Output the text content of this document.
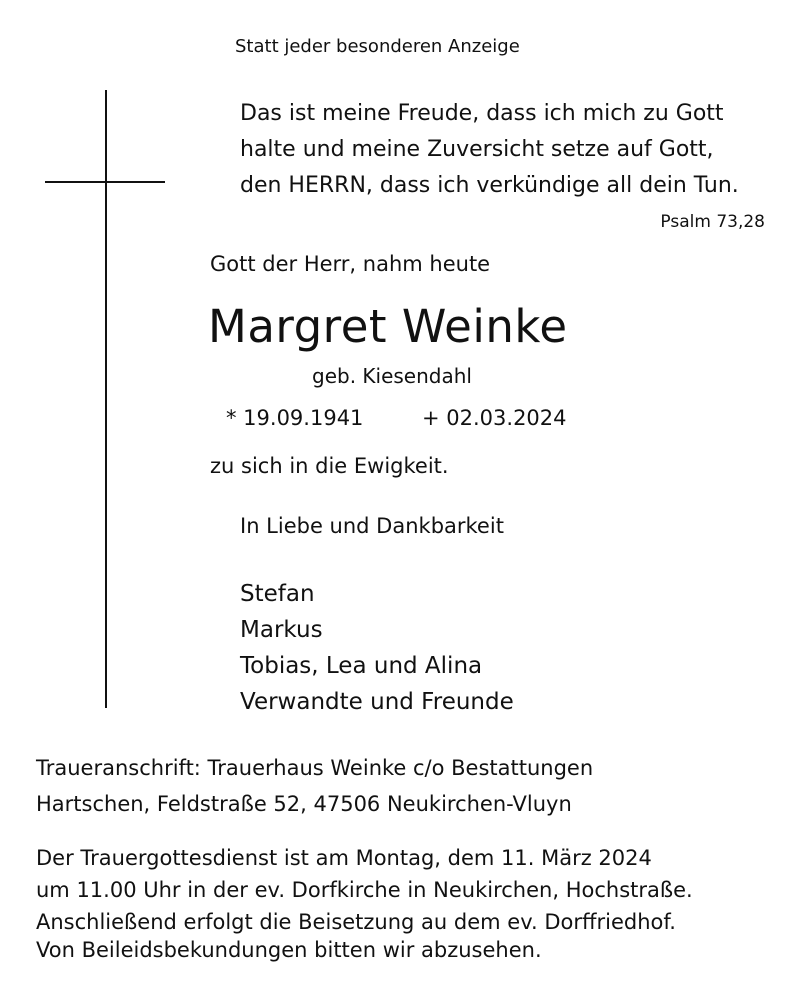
Statt jeder besonderen Anzeige
Das ist meine Freude, dass ich mich zu Gott
halte und meine Zuversicht setze auf Gott,
den HERRN, dass ich verkündige all dein Tun.
Psalm 73,28
Gott der Herr, nahm heute
Margret Weinke
geb. Kiesendahl
* 19.09.1941	+ 02.03.2024
zu sich in die Ewigkeit.
In Liebe und Dankbarkeit
Stefan
Markus
Tobias, Lea und Alina
Verwandte und Freunde
Traueranschrift: Trauerhaus Weinke c/o Bestattungen
Hartschen, Feldstraße 52, 47506 Neukirchen-Vluyn
Der Trauergottesdienst ist am Montag, dem 11. März 2024
um 11.00 Uhr in der ev. Dorfkirche in Neukirchen, Hochstraße.
Anschließend erfolgt die Beisetzung au dem ev. Dorffriedhof.
Von Beileidsbekundungen bitten wir abzusehen.
